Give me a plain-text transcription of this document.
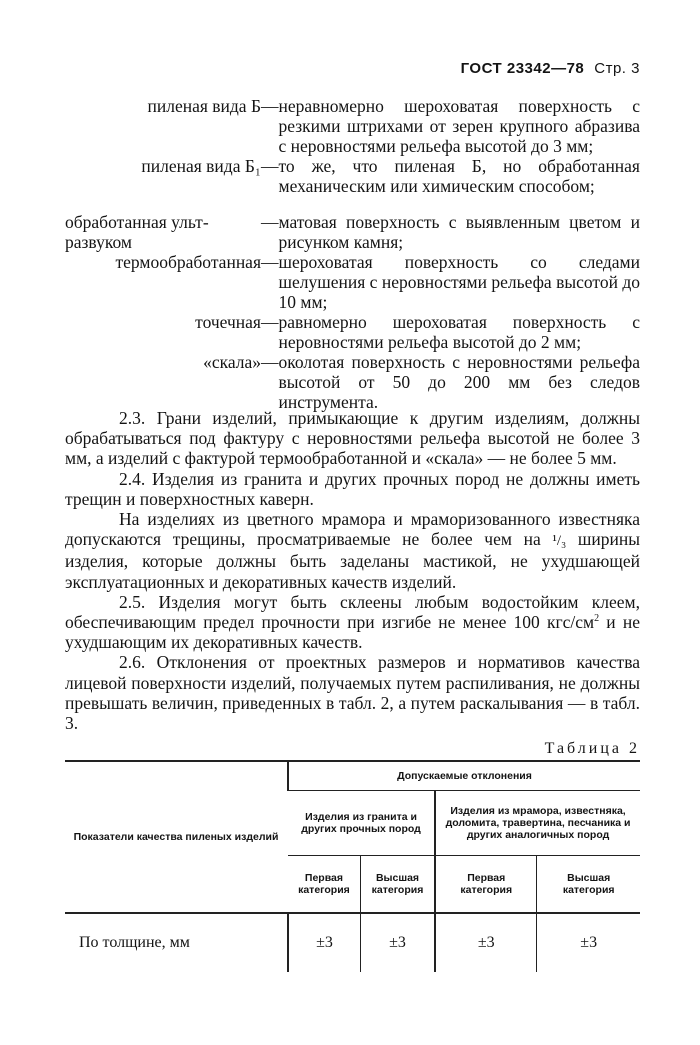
ГОСТ 23342—78 Стр. 3
пиленая вида Б	—	неравномерно шероховатая поверхность с резкими штрихами от зерен крупного абразива с неровностями рельефа высотой до 3 мм;
пиленая вида Б₁	—	то же, что пиленая Б, но обработанная механическим или химическим способом;

обработанная ульт-
развуком	—	матовая поверхность с выявленным цветом и рисунком камня;
термообработанная	—	шероховатая поверхность со следами шелушения с неровностями рельефа высотой до 10 мм;
точечная	—	равномерно шероховатая поверхность с неровностями рельефа высотой до 2 мм;
«скала»	—	околотая поверхность с неровностями рельефа высотой от 50 до 200 мм без следов инструмента.

2.3. Грани изделий, примыкающие к другим изделиям, должны обрабатываться под фактуру с неровностями рельефа высотой не более 3 мм, а изделий с фактурой термообработанной и «скала» — не более 5 мм.

2.4. Изделия из гранита и других прочных пород не должны иметь трещин и поверхностных каверн.

На изделиях из цветного мрамора и мраморизованного известняка допускаются трещины, просматриваемые не более чем на ¹/₃ ширины изделия, которые должны быть заделаны мастикой, не ухудшающей эксплуатационных и декоративных качеств изделий.

2.5. Изделия могут быть склеены любым водостойким клеем, обеспечивающим предел прочности при изгибе не менее 100 кгс/$см^2$ и не ухудшающим их декоративных качеств.

2.6. Отклонения от проектных размеров и нормативов качества лицевой поверхности изделий, получаемых путем распиливания, не должны превышать величин, приведенных в табл. 2, а путем раскалывания — в табл. 3.

Таблица 2
Показатели качества пиленых изделий	Допускаемые отклонения			
	Изделия из гранита и других прочных пород		Изделия из мрамора, известняка, доломита, травертина, песчаника и других аналогичных пород	
	Первая категория	Высшая категория	Первая категория	Высшая категория
По толщине, мм	±3	±3	±3	±3
